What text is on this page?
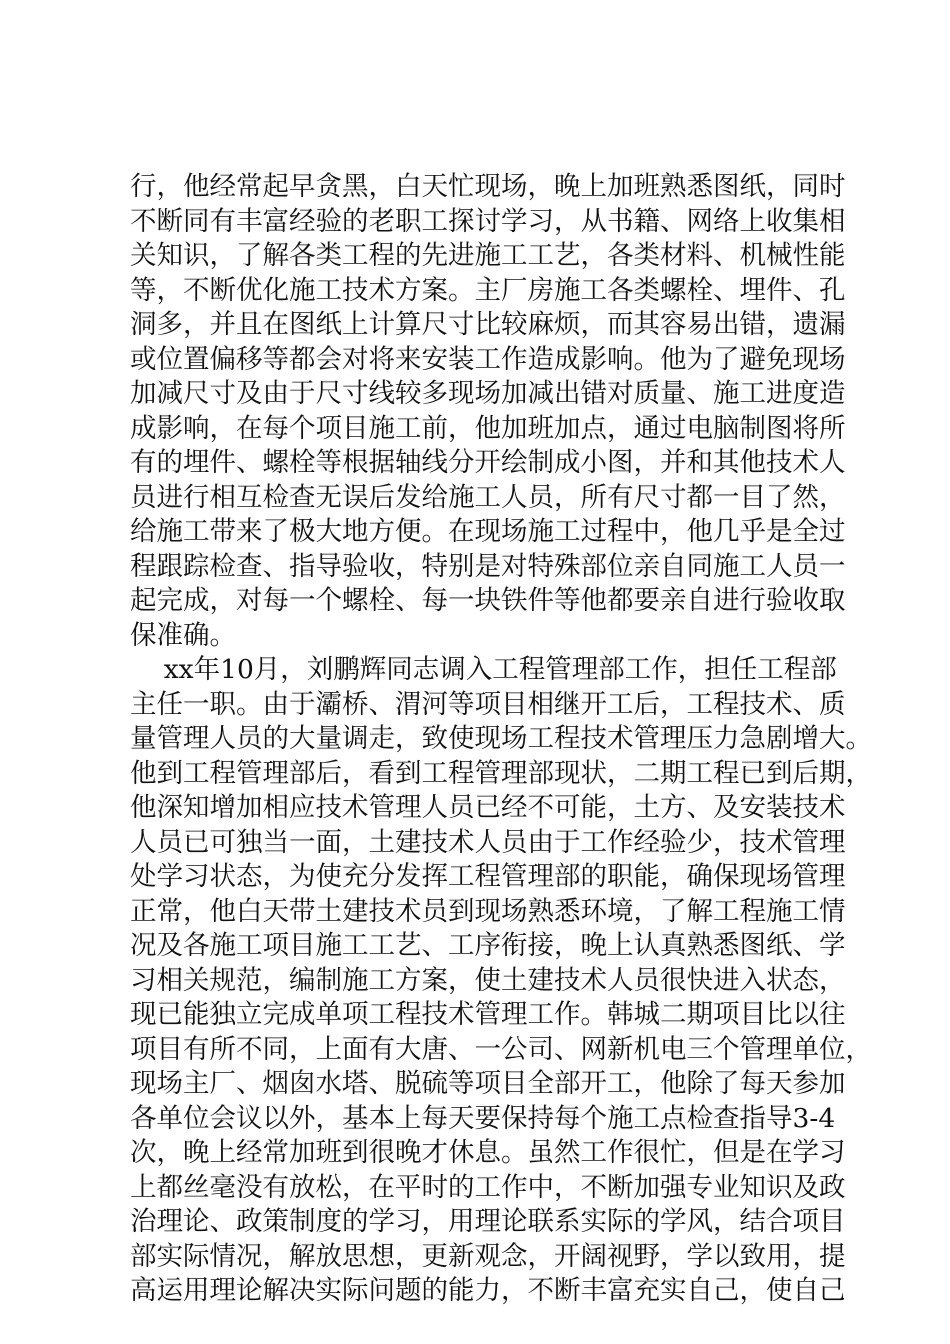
行，他经常起早贪黑，白天忙现场，晚上加班熟悉图纸，同时
不断同有丰富经验的老职工探讨学习，从书籍、网络上收集相
关知识，了解各类工程的先进施工工艺，各类材料、机械性能
等，不断优化施工技术方案。主厂房施工各类螺栓、埋件、孔
洞多，并且在图纸上计算尺寸比较麻烦，而其容易出错，遗漏
或位置偏移等都会对将来安装工作造成影响。他为了避免现场
加减尺寸及由于尺寸线较多现场加减出错对质量、施工进度造
成影响，在每个项目施工前，他加班加点，通过电脑制图将所
有的埋件、螺栓等根据轴线分开绘制成小图，并和其他技术人
员进行相互检查无误后发给施工人员，所有尺寸都一目了然，
给施工带来了极大地方便。在现场施工过程中，他几乎是全过
程跟踪检查、指导验收，特别是对特殊部位亲自同施工人员一
起完成，对每一个螺栓、每一块铁件等他都要亲自进行验收取
保准确。
xx年10月，刘鹏辉同志调入工程管理部工作，担任工程部
主任一职。由于灞桥、渭河等项目相继开工后，工程技术、质
量管理人员的大量调走，致使现场工程技术管理压力急剧增大。
他到工程管理部后，看到工程管理部现状，二期工程已到后期，
他深知增加相应技术管理人员已经不可能，土方、及安装技术
人员已可独当一面，土建技术人员由于工作经验少，技术管理
处学习状态，为使充分发挥工程管理部的职能，确保现场管理
正常，他白天带土建技术员到现场熟悉环境，了解工程施工情
况及各施工项目施工工艺、工序衔接，晚上认真熟悉图纸、学
习相关规范，编制施工方案，使土建技术人员很快进入状态，
现已能独立完成单项工程技术管理工作。韩城二期项目比以往
项目有所不同，上面有大唐、一公司、网新机电三个管理单位，
现场主厂、烟囱水塔、脱硫等项目全部开工，他除了每天参加
各单位会议以外，基本上每天要保持每个施工点检查指导3-4
次，晚上经常加班到很晚才休息。虽然工作很忙，但是在学习
上都丝毫没有放松，在平时的工作中，不断加强专业知识及政
治理论、政策制度的学习，用理论联系实际的学风，结合项目
部实际情况，解放思想，更新观念，开阔视野，学以致用，提
高运用理论解决实际问题的能力，不断丰富充实自己，使自己
